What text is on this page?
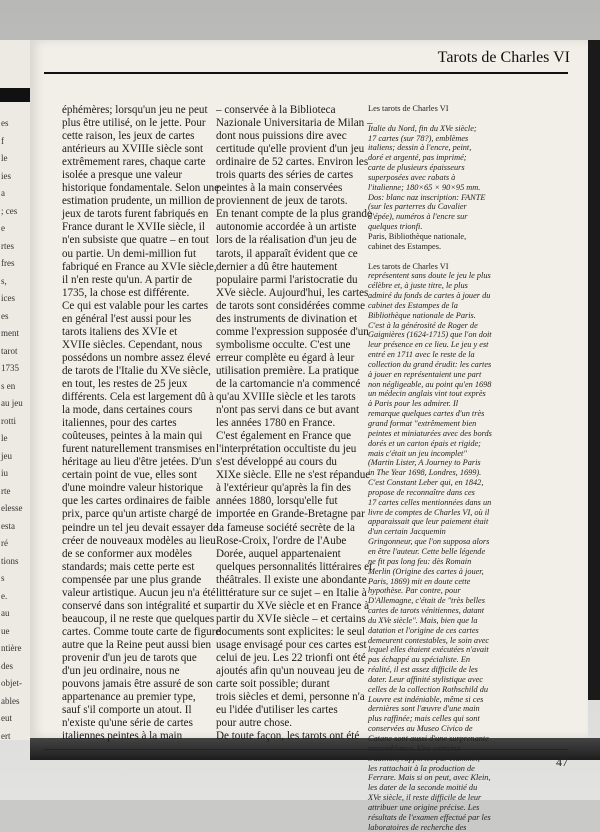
es
f
le
ies
a
; ces
e
rtes
fres
s,
ices
es
ment
tarot
1735
s en
au jeu
rotti
le
jeu
iu
rte
elesse
esta
ré
tions
s
e.
au
ue
ntière
des
objet-
ables
eut
ert
Tarots de Charles VI

éphémères; lorsqu'un jeu ne peut

plus être utilisé, on le jette. Pour

cette raison, les jeux de cartes

antérieurs au XVIIIe siècle sont

extrêmement rares, chaque carte

isolée a presque une valeur

historique fondamentale. Selon une

estimation prudente, un million de

jeux de tarots furent fabriqués en

France durant le XVIIe siècle, il

n'en subsiste que quatre – en tout

ou partie. Un demi-million fut

fabriqué en France au XVIe siècle,

il n'en reste qu'un. A partir de

1735, la chose est différente.

Ce qui est valable pour les cartes

en général l'est aussi pour les

tarots italiens des XVIe et

XVIIe siècles. Cependant, nous

possédons un nombre assez élevé

de tarots de l'Italie du XVe siècle,

en tout, les restes de 25 jeux

différents. Cela est largement dû à

la mode, dans certaines cours

italiennes, pour des cartes

coûteuses, peintes à la main qui

furent naturellement transmises en

héritage au lieu d'être jetées. D'un

certain point de vue, elles sont

d'une moindre valeur historique

que les cartes ordinaires de faible

prix, parce qu'un artiste chargé de

peindre un tel jeu devait essayer de

créer de nouveaux modèles au lieu

de se conformer aux modèles

standards; mais cette perte est

compensée par une plus grande

valeur artistique. Aucun jeu n'a été

conservé dans son intégralité et sur

beaucoup, il ne reste que quelques

cartes. Comme toute carte de figure

autre que la Reine peut aussi bien

provenir d'un jeu de tarots que

d'un jeu ordinaire, nous ne

pouvons jamais être assuré de son

appartenance au premier type,

sauf s'il comporte un atout. Il

n'existe qu'une série de cartes

italiennes peintes à la main

– conservée à la Biblioteca

Nazionale Universitaria de Milan –

dont nous puissions dire avec

certitude qu'elle provient d'un jeu

ordinaire de 52 cartes. Environ les

trois quarts des séries de cartes

peintes à la main conservées

proviennent de jeux de tarots.

En tenant compte de la plus grande

autonomie accordée à un artiste

lors de la réalisation d'un jeu de

tarots, il apparaît évident que ce

dernier a dû être hautement

populaire parmi l'aristocratie du

XVe siècle. Aujourd'hui, les cartes

de tarots sont considérées comme

des instruments de divination et

comme l'expression supposée d'un

symbolisme occulte. C'est une

erreur complète eu égard à leur

utilisation première. La pratique

de la cartomancie n'a commencé

qu'au XVIIIe siècle et les tarots

n'ont pas servi dans ce but avant

les années 1780 en France.

C'est également en France que

l'interprétation occultiste du jeu

s'est développé au cours du

XIXe siècle. Elle ne s'est répandue

à l'extérieur qu'après la fin des

années 1880, lorsqu'elle fut

importée en Grande-Bretagne par

la fameuse société secrète de la

Rose-Croix, l'ordre de l'Aube

Dorée, auquel appartenaient

quelques personnalités littéraires et

théâtrales. Il existe une abondante

littérature sur ce sujet – en Italie à

partir du XVe siècle et en France à

partir du XVIe siècle – et certains

documents sont explicites: le seul

usage envisagé pour ces cartes est

celui de jeu. Les 22 trionfi ont été

ajoutés afin qu'un nouveau jeu de

carte soit possible; durant

trois siècles et demi, personne n'a

eu l'idée d'utiliser les cartes

pour autre chose.

De toute façon, les tarots ont été

Les tarots de Charles VI

Italie du Nord, fin du XVe siècle;

17 cartes (sur 78?), emblèmes

italiens; dessin à l'encre, peint,

doré et argenté, pas imprimé;

carte de plusieurs épaisseurs

superposées avec rabats à

l'italienne; 180×65 × 90×95 mm.

Dos: blanc naz inscription: FANTE

(sur les parterres du Cavalier

d'épée), numéros à l'encre sur

quelques trionfi.

Paris, Bibliothèque nationale,

cabinet des Estampes.

Les tarots de Charles VI

représentent sans doute le jeu le plus

célèbre et, à juste titre, le plus

admiré du fonds de cartes à jouer du

cabinet des Estampes de la

Bibliothèque nationale de Paris.

C'est à la générosité de Roger de

Gaignières (1624-1715) que l'on doit

leur présence en ce lieu. Le jeu y est

entré en 1711 avec le reste de la

collection du grand érudit: les cartes

à jouer en représentaient une part

non négligeable, au point qu'en 1698

un médecin anglais vint tout exprès

à Paris pour les admirer. Il

remarque quelques cartes d'un très

grand format "extrêmement bien

peintes et miniaturées avec des bords

dorés et un carton épais et rigide;

mais c'était un jeu incomplet"

(Martin Lister, A Journey to Paris

in The Year 1698, Londres, 1699).

C'est Constant Leber qui, en 1842,

propose de reconnaître dans ces

17 cartes celles mentionnées dans un

livre de comptes de Charles VI, où il

apparaissait que leur paiement était

d'un certain Jacquemin

Gringonneur, que l'on supposa alors

en être l'auteur. Cette belle légende

ne fit pas long feu: dès Romain

Merlin (Origine des cartes à jouer,

Paris, 1869) mit en doute cette

hypothèse. Par contre, pour

D'Allemagne, c'était de "très belles

cartes de tarots vénitiennes, datant

du XVe siècle". Mais, bien que la

datation et l'origine de ces cartes

demeurent contestables, le soin avec

lequel elles étaient exécutées n'avait

pas échappé au spécialiste. En

réalité, il est assez difficile de les

dater. Leur affinité stylistique avec

celles de la collection Rothschild du

Louvre est indéniable, même si ces

dernières sont l'œuvre d'une main

plus raffinée; mais celles qui sont

conservées au Museo Civico de

Catane sont aussi d'une surprenante

ressemblance. Une certaine

tradition, rapportée par Hummel,

les rattachait à la production de

Ferrare. Mais si on peut, avec Klein,

les dater de la seconde moitié du

XVe siècle, il reste difficile de leur

attribuer une origine précise. Les

résultats de l'examen effectué par les

laboratoires de recherche des

47
